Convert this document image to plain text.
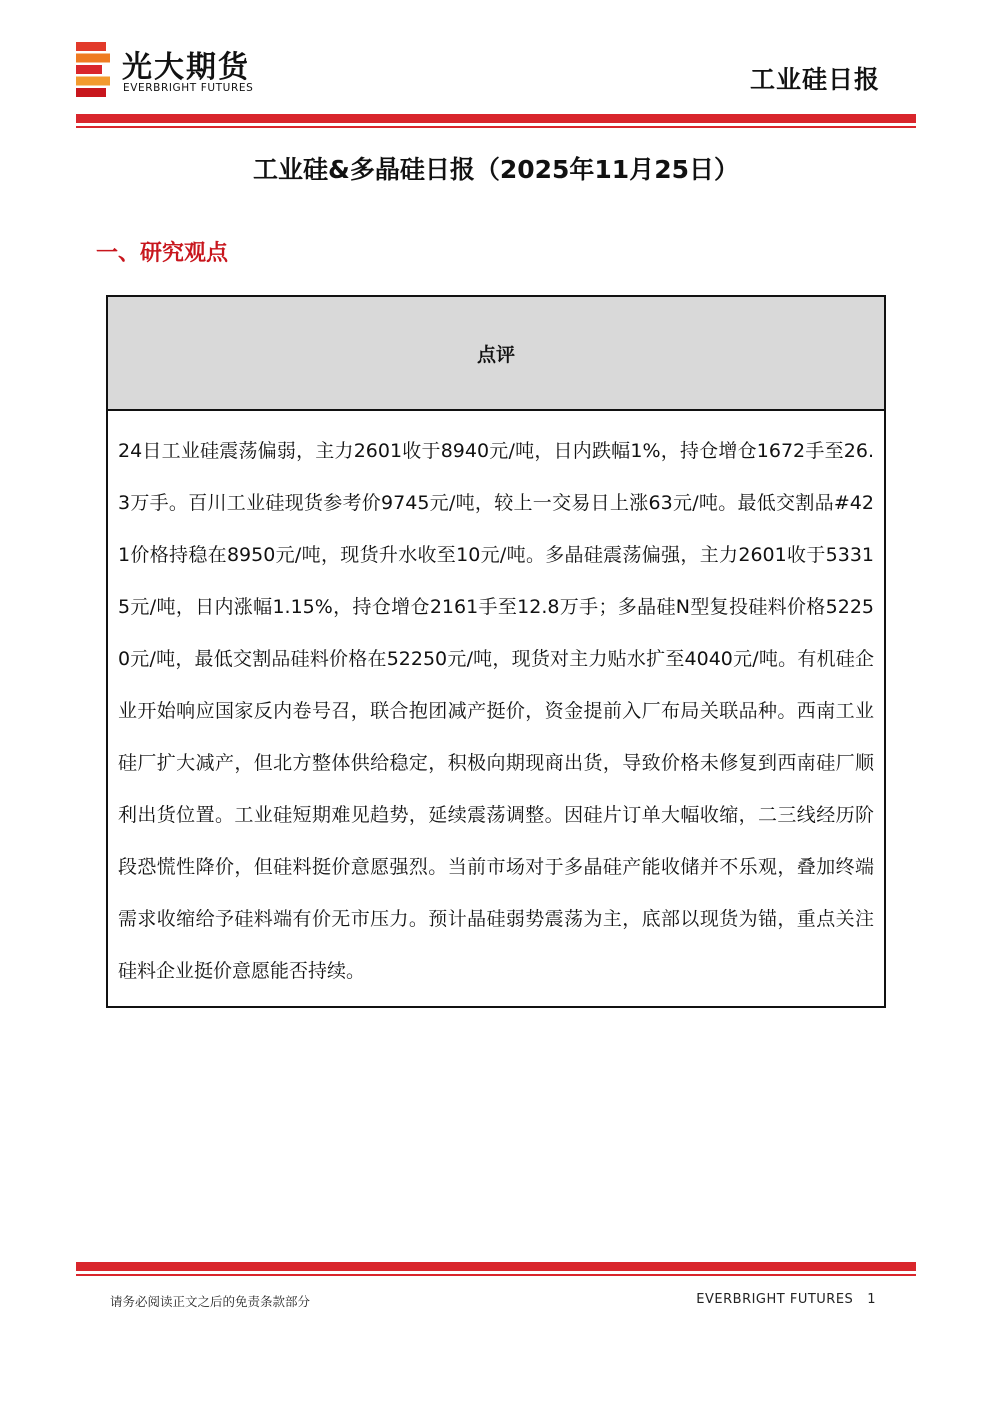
光大期货
EVERBRIGHT FUTURES	工业硅日报
工业硅&多晶硅日报（2025年11月25日）
一、研究观点
点评
24日工业硅震荡偏弱，主力2601收于8940元/吨，日内跌幅1%，持仓增仓1672手至26.3万手。百川工业硅现货参考价9745元/吨，较上一交易日上涨63元/吨。最低交割品#421价格持稳在8950元/吨，现货升水收至10元/吨。多晶硅震荡偏强，主力2601收于53315元/吨，日内涨幅1.15%，持仓增仓2161手至12.8万手；多晶硅N型复投硅料价格52250元/吨，最低交割品硅料价格在52250元/吨，现货对主力贴水扩至4040元/吨。有机硅企业开始响应国家反内卷号召，联合抱团减产挺价，资金提前入厂布局关联品种。西南工业硅厂扩大减产，但北方整体供给稳定，积极向期现商出货，导致价格未修复到西南硅厂顺利出货位置。工业硅短期难见趋势，延续震荡调整。因硅片订单大幅收缩，二三线经历阶段恐慌性降价，但硅料挺价意愿强烈。当前市场对于多晶硅产能收储并不乐观，叠加终端需求收缩给予硅料端有价无市压力。预计晶硅弱势震荡为主，底部以现货为锚，重点关注硅料企业挺价意愿能否持续。
请务必阅读正文之后的免责条款部分	EVERBRIGHT FUTURES 1
